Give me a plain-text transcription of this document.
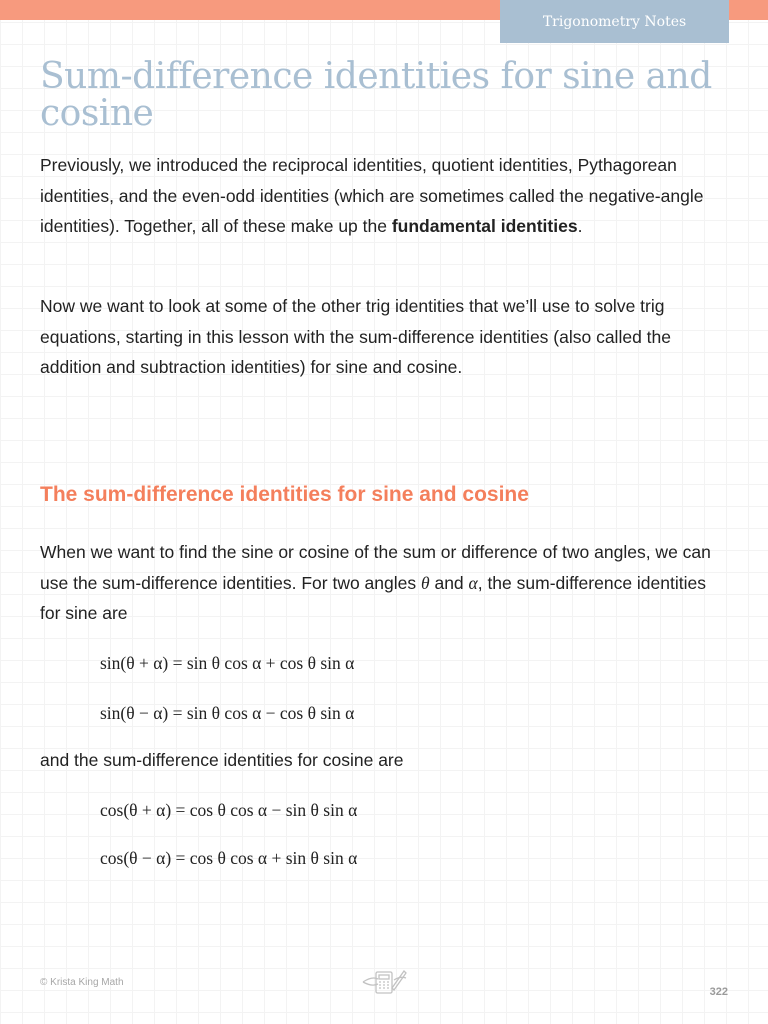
Trigonometry Notes
Sum-difference identities for sine and cosine

Previously, we introduced the reciprocal identities, quotient identities, Pythagorean identities, and the even-odd identities (which are sometimes called the negative-angle identities). Together, all of these make up the fundamental identities.

Now we want to look at some of the other trig identities that we’ll use to solve trig equations, starting in this lesson with the sum-difference identities (also called the addition and subtraction identities) for sine and cosine.

The sum-difference identities for sine and cosine

When we want to find the sine or cosine of the sum or difference of two angles, we can use the sum-difference identities. For two angles θ and α, the sum-difference identities for sine are

sin(θ + α) = sin θ cos α + cos θ sin α
sin(θ − α) = sin θ cos α − cos θ sin α

and the sum-difference identities for cosine are

cos(θ + α) = cos θ cos α − sin θ sin α
cos(θ − α) = cos θ cos α + sin θ sin α
© Krista King Math
322
